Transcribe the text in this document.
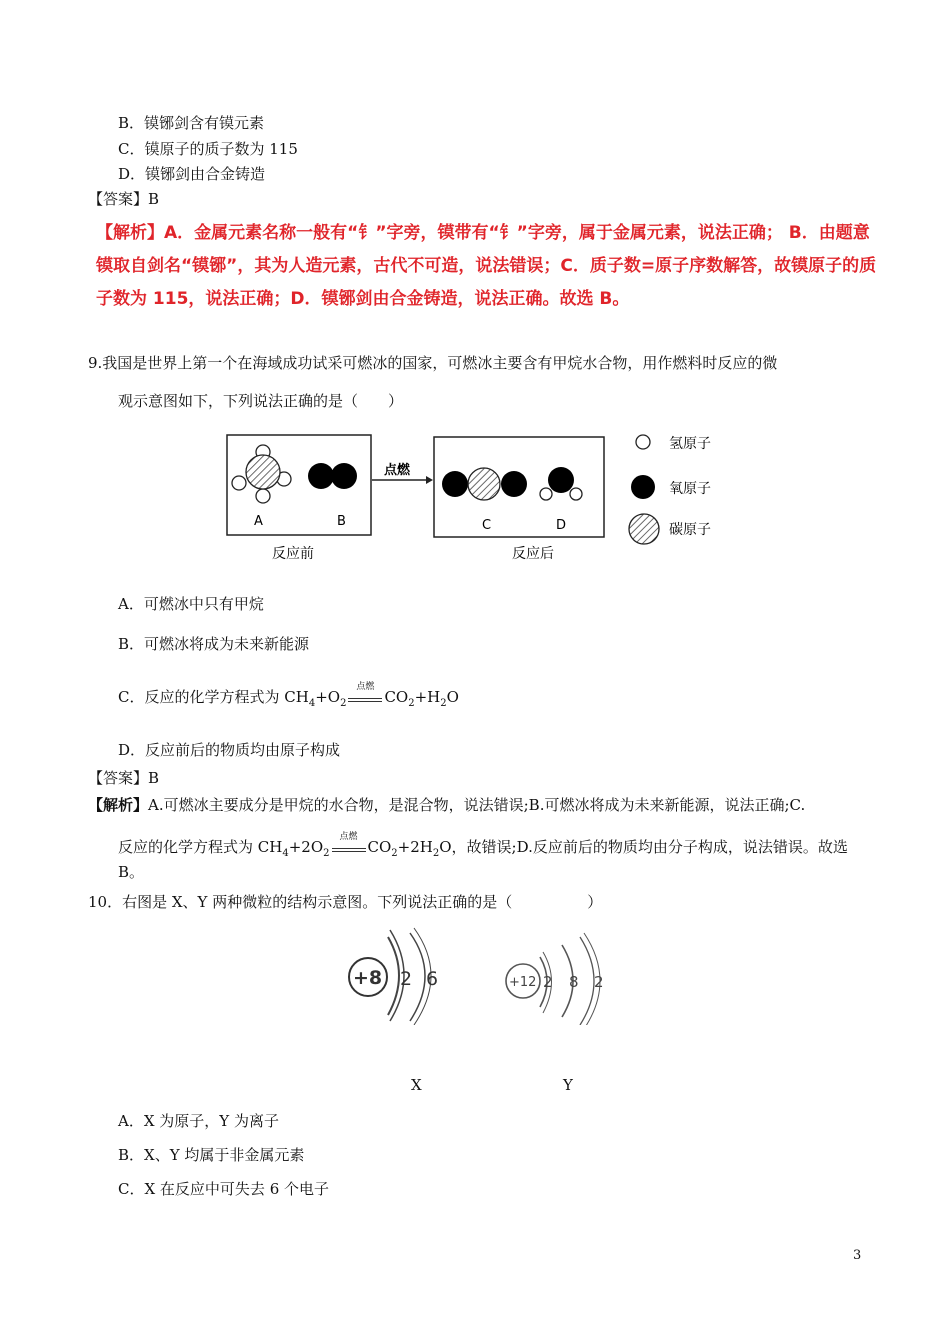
B．镆铘剑含有镆元素
C．镆原子的质子数为 115
D．镆铘剑由合金铸造
【答案】B
【解析】A．金属元素名称一般有“钅”字旁，镆带有“钅”字旁，属于金属元素，说法正确； B．由题意镆取自剑名“镆铘”，其为人造元素，古代不可造，说法错误；C．质子数=原子序数解答，故镆原子的质子数为 115，说法正确；D．镆铘剑由合金铸造，说法正确。故选 B。
9.我国是世界上第一个在海域成功试采可燃冰的国家，可燃冰主要含有甲烷水合物，用作燃料时反应的微
观示意图如下，下列说法正确的是（　　）
A	B
反应前
点燃
C	D
反应后
氢原子
氧原子
碳原子
A．可燃冰中只有甲烷
B．可燃冰将成为未来新能源
C．反应的化学方程式为 $CH_4+O_2$
点燃
$CO_2+H_2O$
D．反应前后的物质均由原子构成
【答案】B
【解析】A.可燃冰主要成分是甲烷的水合物，是混合物，说法错误;B.可燃冰将成为未来新能源，说法正确;C.
反应的化学方程式为 $CH_4+2O_2$
点燃
$CO_2+2H_2O$，故错误;D.反应前后的物质均由分子构成，说法错误。故选
B。
10．右图是 X、Y 两种微粒的结构示意图。下列说法正确的是（　　　　　）
+8 2 6	+12 2 8 2
X	Y
A．X 为原子，Y 为离子
B．X、Y 均属于非金属元素
C．X 在反应中可失去 6 个电子
3
